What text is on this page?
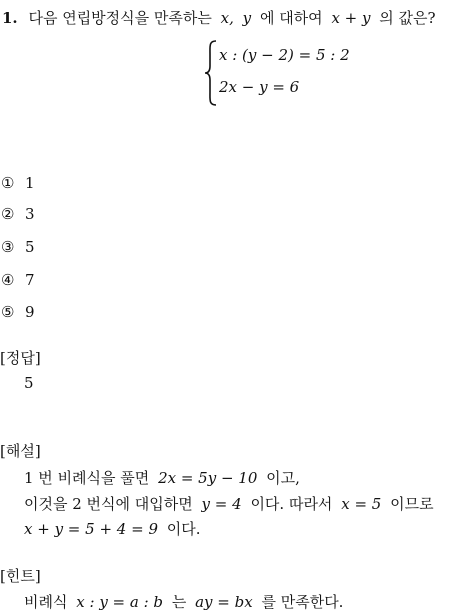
1. 다음 연립방정식을 만족하는 x, y 에 대하여 x + y 의 값은?
x : (y − 2) = 5 : 2
2x − y = 6
① 1
② 3
③ 5
④ 7
⑤ 9
[정답]
5
[해설]
1 번 비례식을 풀면 2x = 5y − 10 이고,
이것을 2 번식에 대입하면 y = 4 이다. 따라서 x = 5 이므로
x + y = 5 + 4 = 9 이다.
[힌트]
비례식 x : y = a : b 는 ay = bx 를 만족한다.
